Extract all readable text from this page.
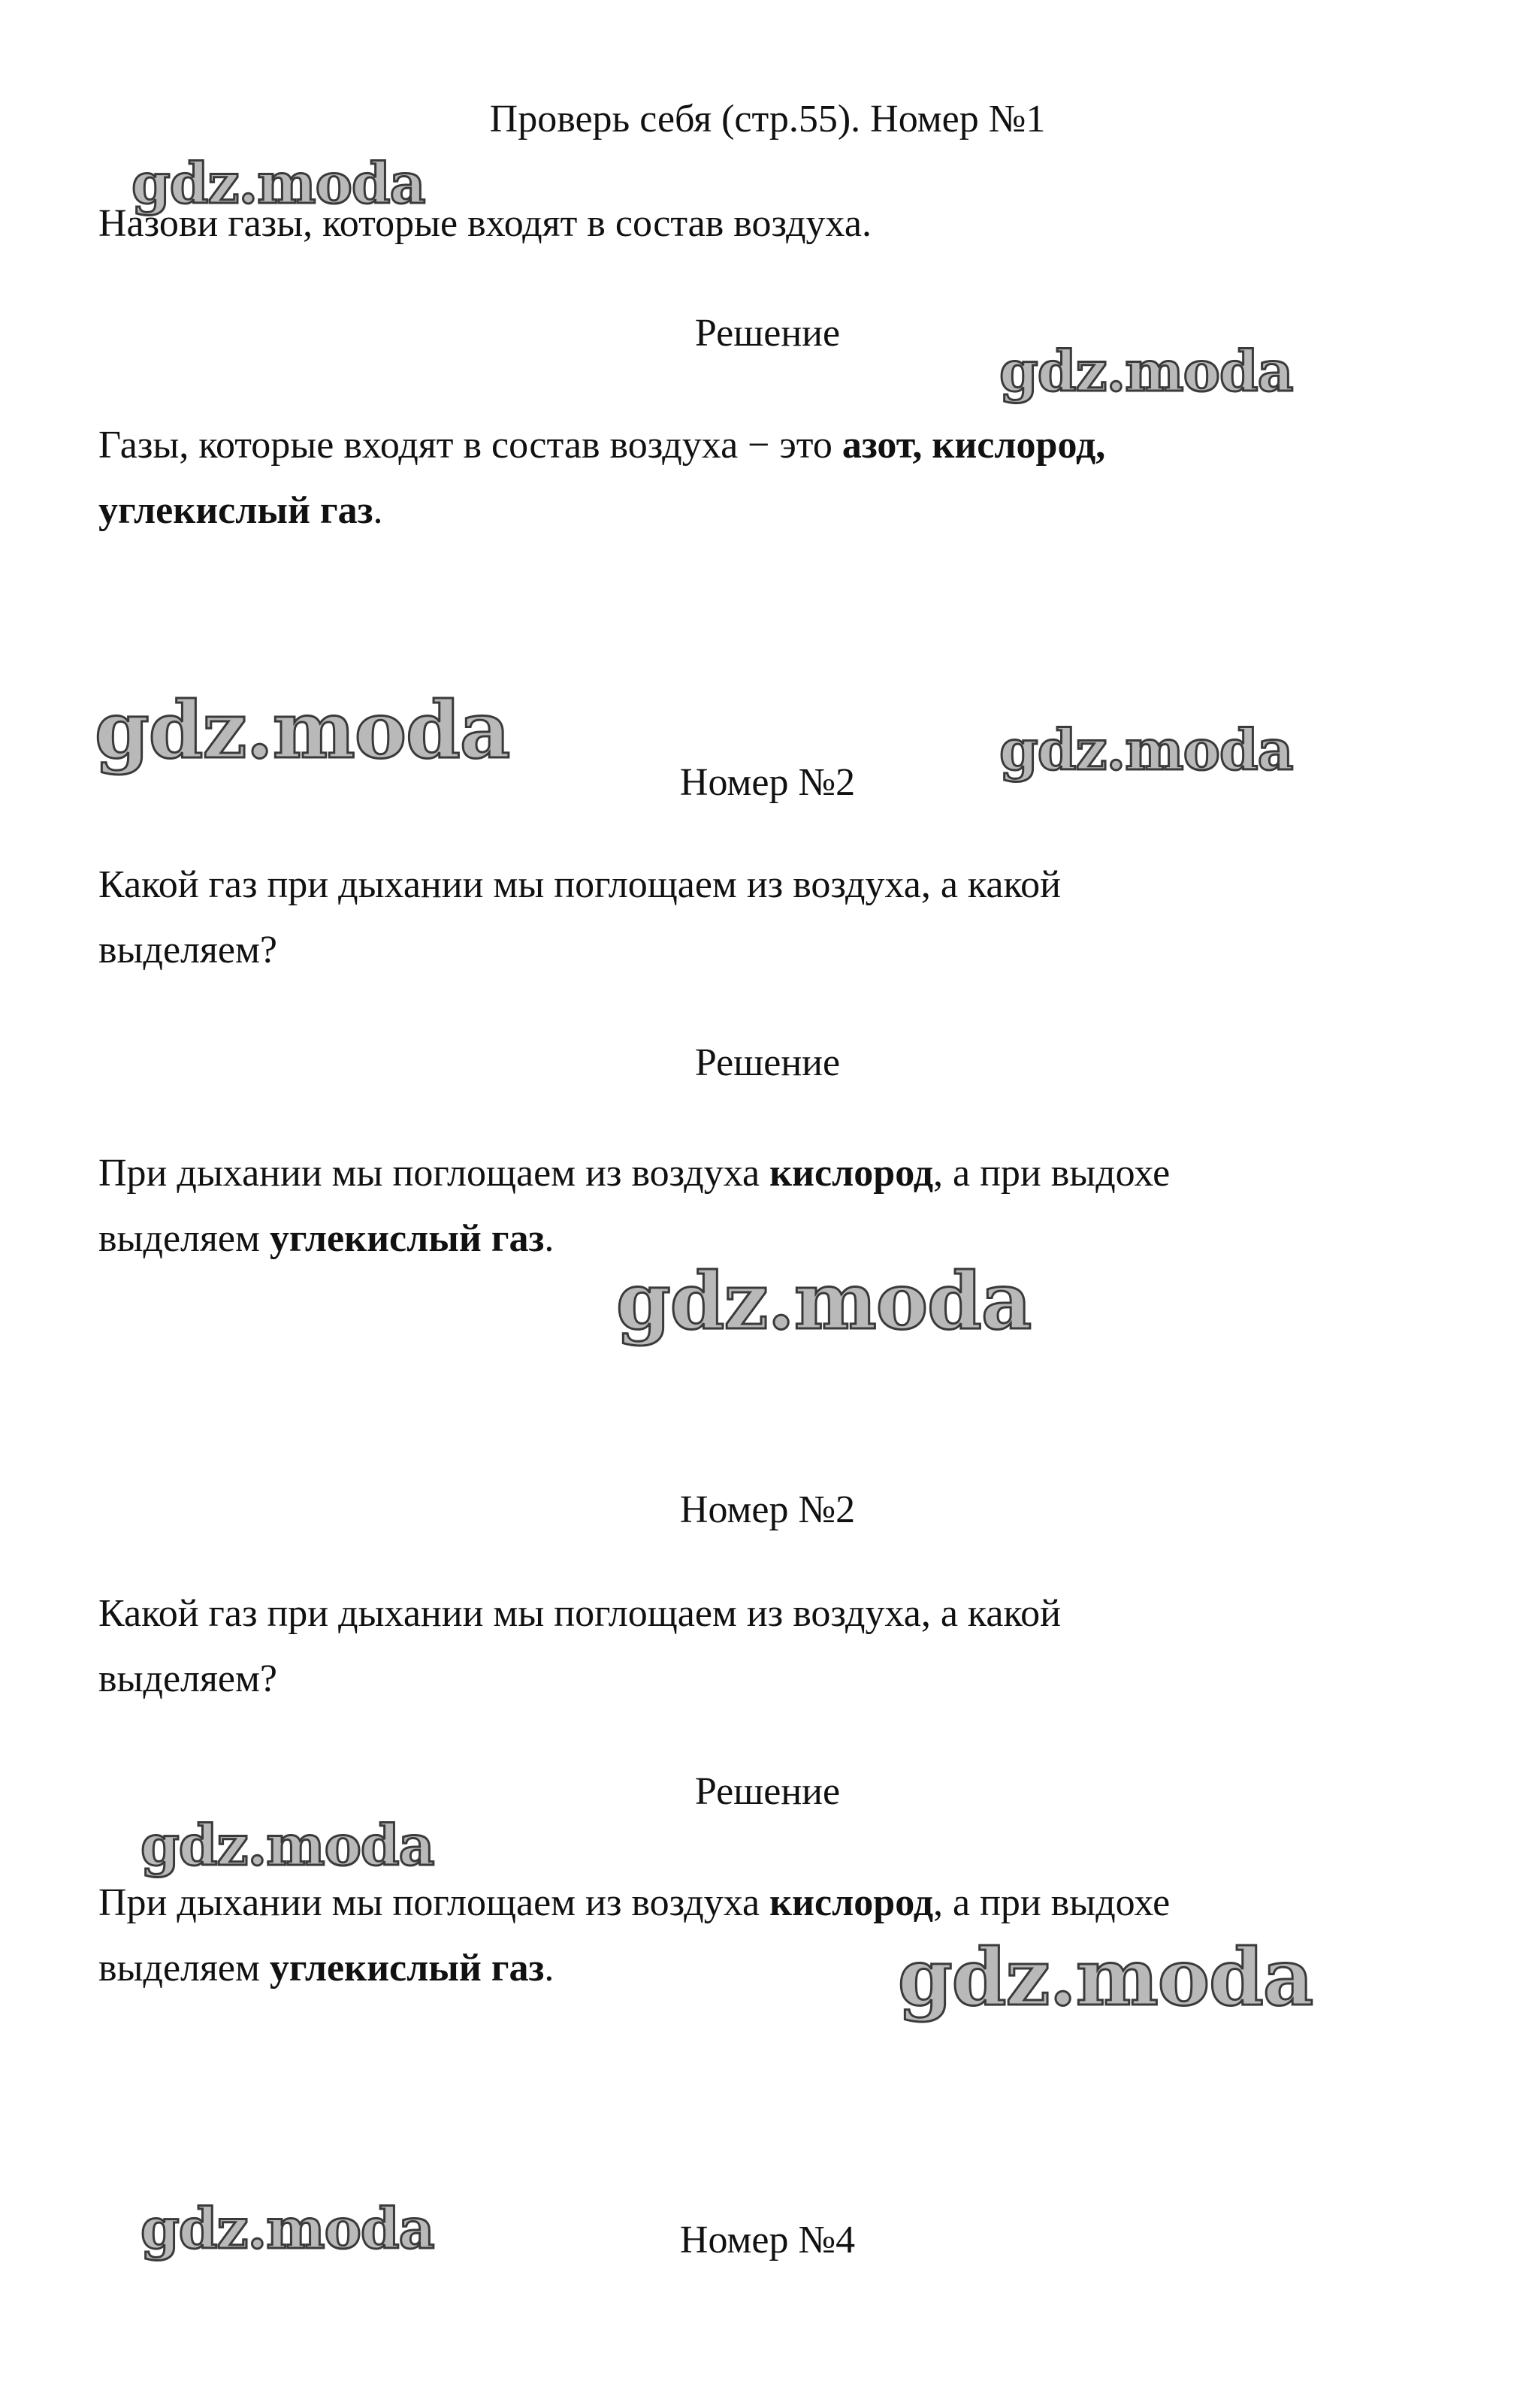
gdz.moda
gdz.moda
gdz.moda	gdz.moda
gdz.moda
gdz.moda
gdz.moda
gdz.moda
Проверь себя (стр.55). Номер №1
Назови газы, которые входят в состав воздуха.
Решение
Газы, которые входят в состав воздуха − это азот, кислород,
углекислый газ.
Номер №2
Какой газ при дыхании мы поглощаем из воздуха, а какой
выделяем?
Решение
При дыхании мы поглощаем из воздуха кислород, а при выдохе
выделяем углекислый газ.
Номер №2
Какой газ при дыхании мы поглощаем из воздуха, а какой
выделяем?
Решение
При дыхании мы поглощаем из воздуха кислород, а при выдохе
выделяем углекислый газ.
Номер №4
